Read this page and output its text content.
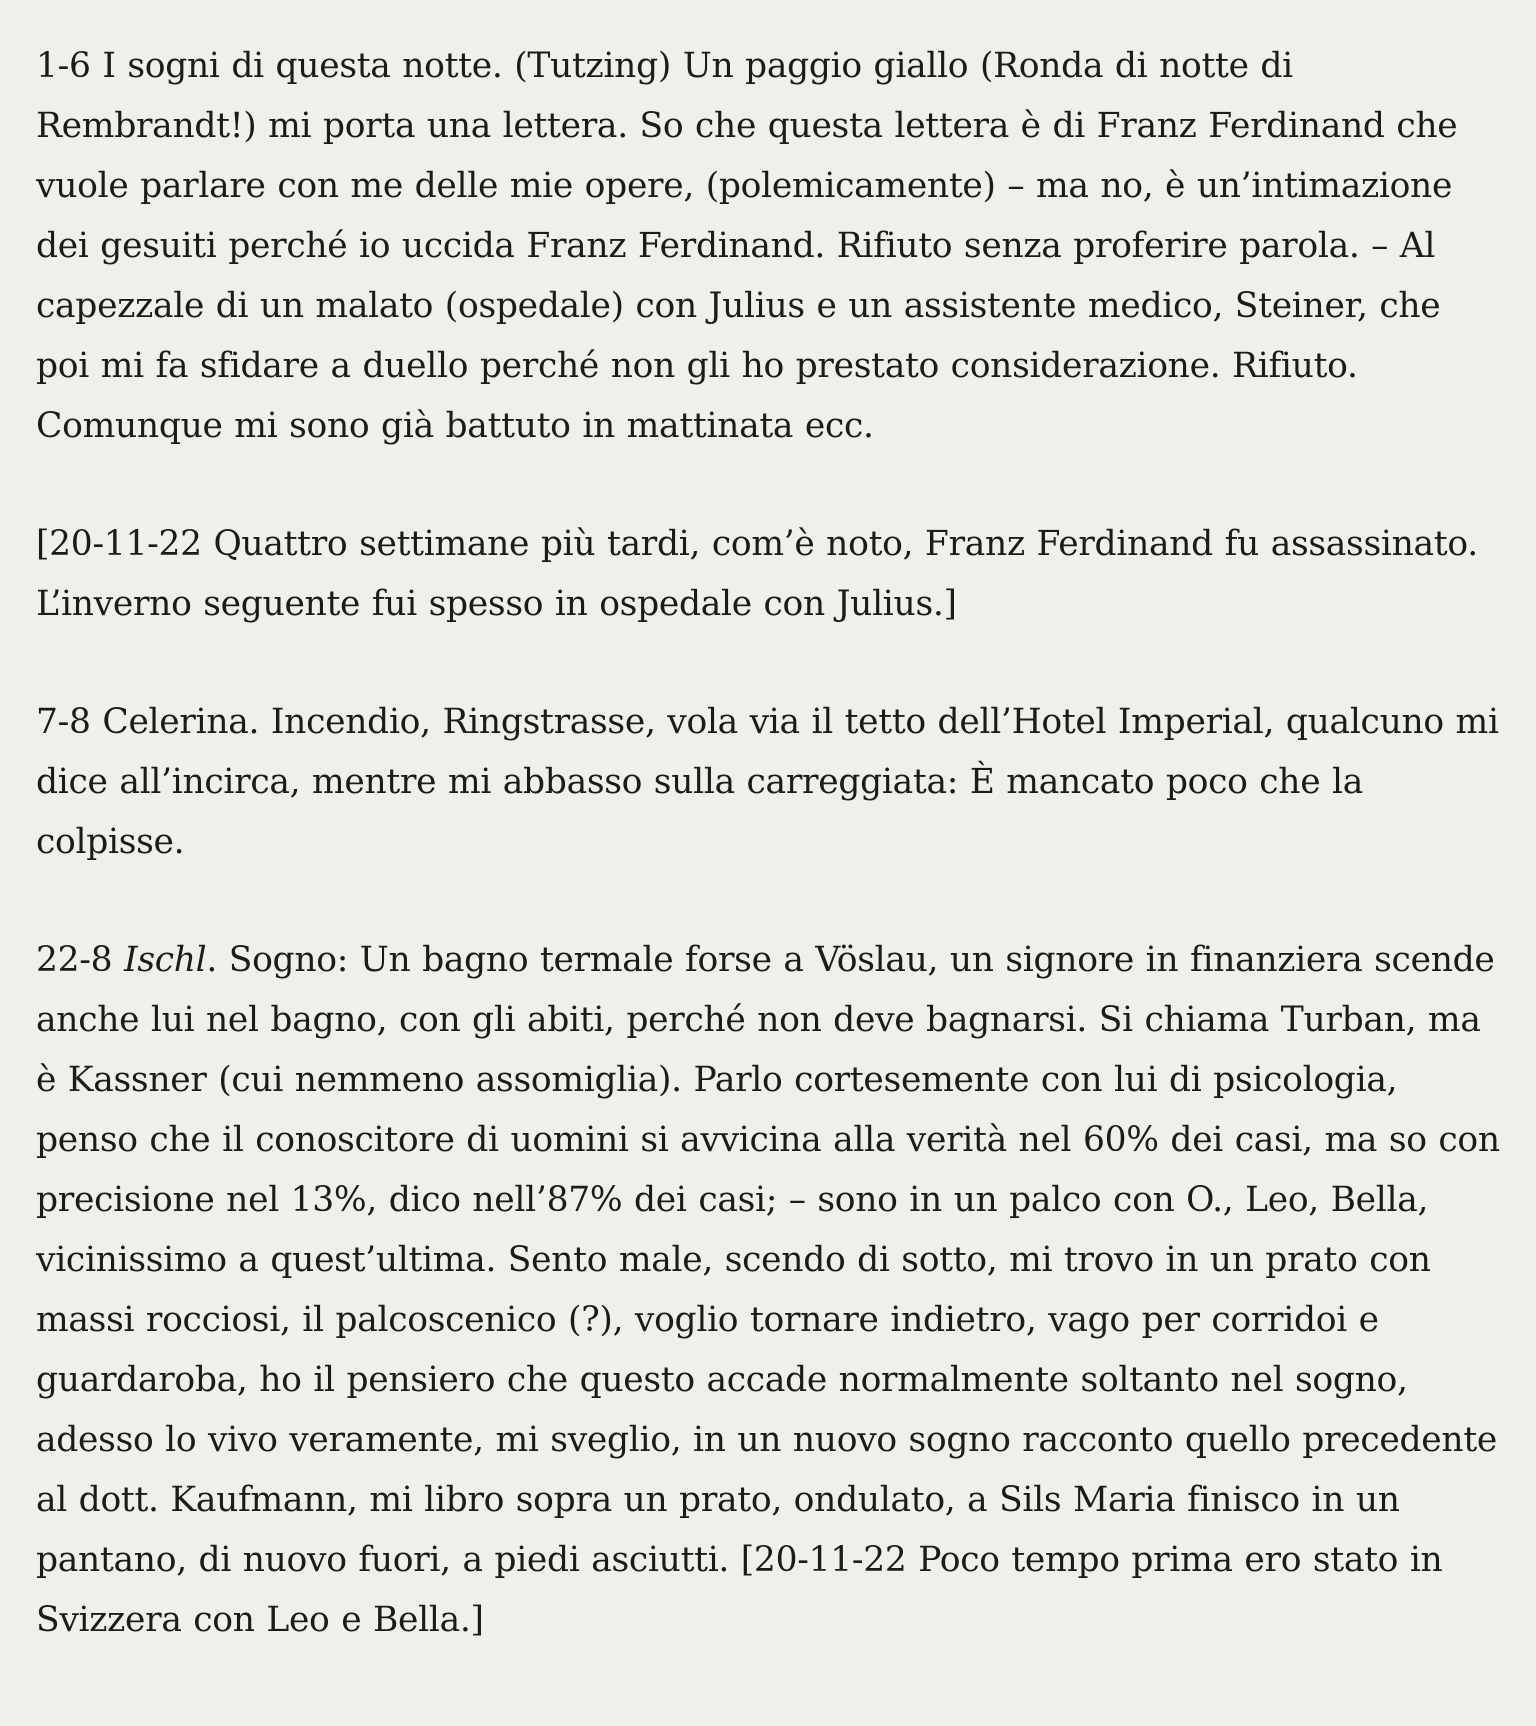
1-6 I sogni di questa notte. (Tutzing) Un paggio giallo (Ronda di notte di Rembrandt!) mi porta una lettera. So che questa lettera è di Franz Ferdinand che vuole parlare con me delle mie opere, (polemicamente) – ma no, è un’intimazione dei gesuiti perché io uccida Franz Ferdinand. Rifiuto senza proferire parola. – Al capezzale di un malato (ospedale) con Julius e un assistente medico, Steiner, che poi mi fa sfidare a duello perché non gli ho prestato considerazione. Rifiuto. Comunque mi sono già battuto in mattinata ecc.

[20-11-22 Quattro settimane più tardi, com’è noto, Franz Ferdinand fu assassinato. L’inverno seguente fui spesso in ospedale con Julius.]

7-8 Celerina. Incendio, Ringstrasse, vola via il tetto dell’Hotel Imperial, qualcuno mi dice all’incirca, mentre mi abbasso sulla carreggiata: È mancato poco che la colpisse.

22-8 Ischl. Sogno: Un bagno termale forse a Vöslau, un signore in finanziera scende anche lui nel bagno, con gli abiti, perché non deve bagnarsi. Si chiama Turban, ma è Kassner (cui nemmeno assomiglia). Parlo cortesemente con lui di psicologia, penso che il conoscitore di uomini si avvicina alla verità nel 60% dei casi, ma so con precisione nel 13%, dico nell’87% dei casi; – sono in un palco con O., Leo, Bella, vicinissimo a quest’ultima. Sento male, scendo di sotto, mi trovo in un prato con massi rocciosi, il palcoscenico (?), voglio tornare indietro, vago per corridoi e guardaroba, ho il pensiero che questo accade normalmente soltanto nel sogno, adesso lo vivo veramente, mi sveglio, in un nuovo sogno racconto quello precedente al dott. Kaufmann, mi libro sopra un prato, ondulato, a Sils Maria finisco in un pantano, di nuovo fuori, a piedi asciutti. [20-11-22 Poco tempo prima ero stato in Svizzera con Leo e Bella.]
